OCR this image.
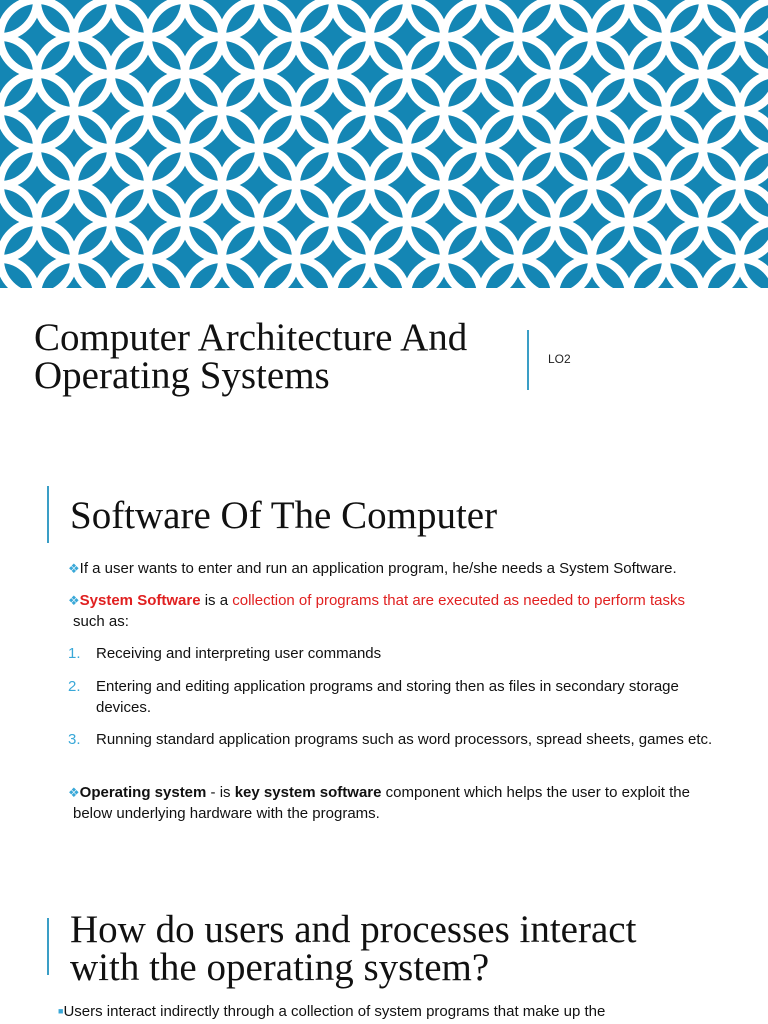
Computer Architecture And
Operating Systems	LO2
Software Of The Computer
❖If a user wants to enter and run an application program, he/she needs a System Software.
❖System Software is a collection of programs that are executed as needed to perform tasks
such as:
1. Receiving and interpreting user commands
2. Entering and editing application programs and storing then as files in secondary storage devices.
3. Running standard application programs such as word processors, spread sheets, games etc.
❖Operating system - is key system software component which helps the user to exploit the
below underlying hardware with the programs.
How do users and processes interact
with the operating system?
■Users interact indirectly through a collection of system programs that make up the
